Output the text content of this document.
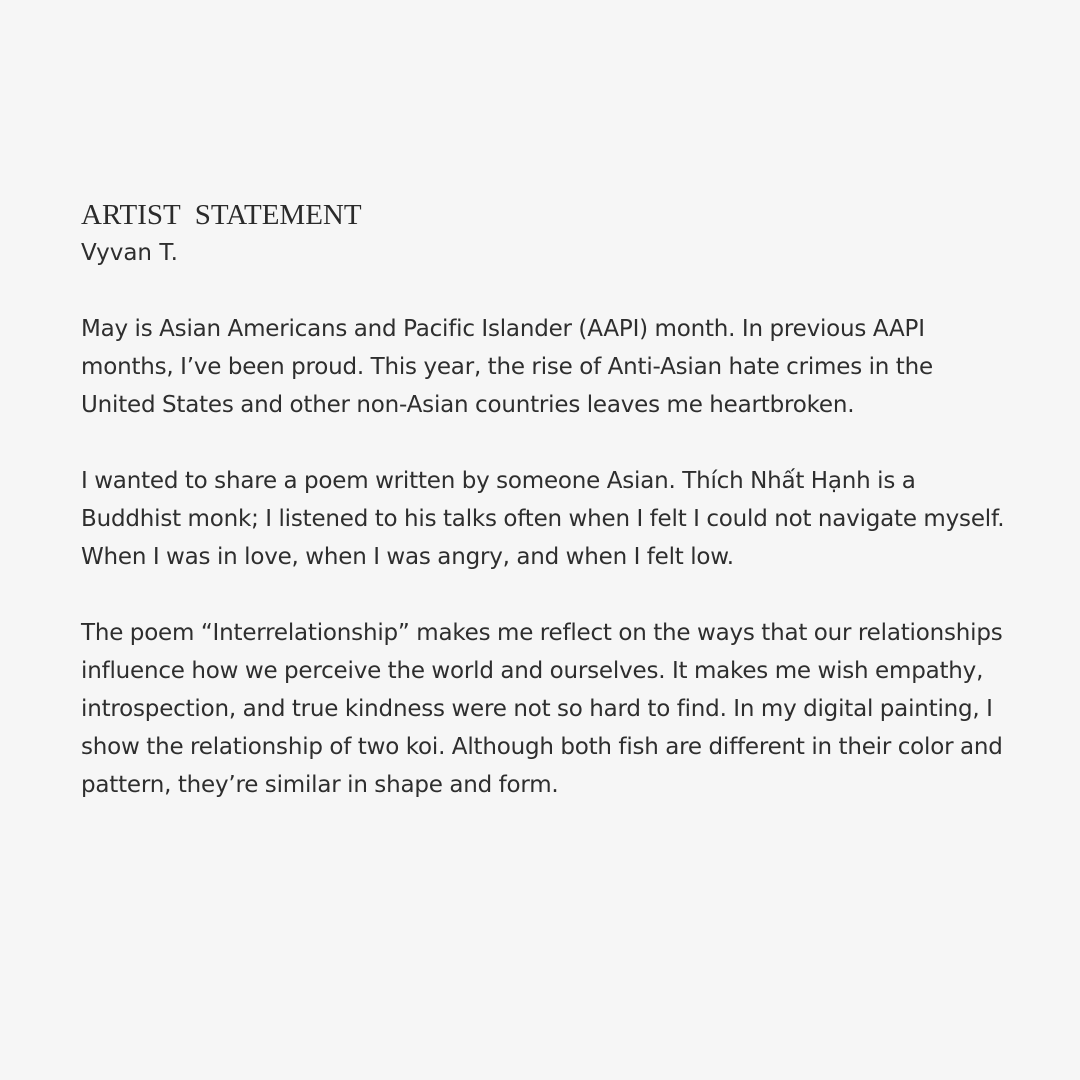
ARTIST  STATEMENT

Vyvan T.

May is Asian Americans and Pacific Islander (AAPI) month. In previous AAPI months, I’ve been proud. This year, the rise of Anti-Asian hate crimes in the United States and other non-Asian countries leaves me heartbroken.

I wanted to share a poem written by someone Asian. Thích Nhất Hạnh is a Buddhist monk; I listened to his talks often when I felt I could not navigate myself. When I was in love, when I was angry, and when I felt low.

The poem “Interrelationship” makes me reflect on the ways that our relationships influence how we perceive the world and ourselves. It makes me wish empathy, introspection, and true kindness were not so hard to find. In my digital painting, I show the relationship of two koi. Although both fish are different in their color and pattern, they’re similar in shape and form.
